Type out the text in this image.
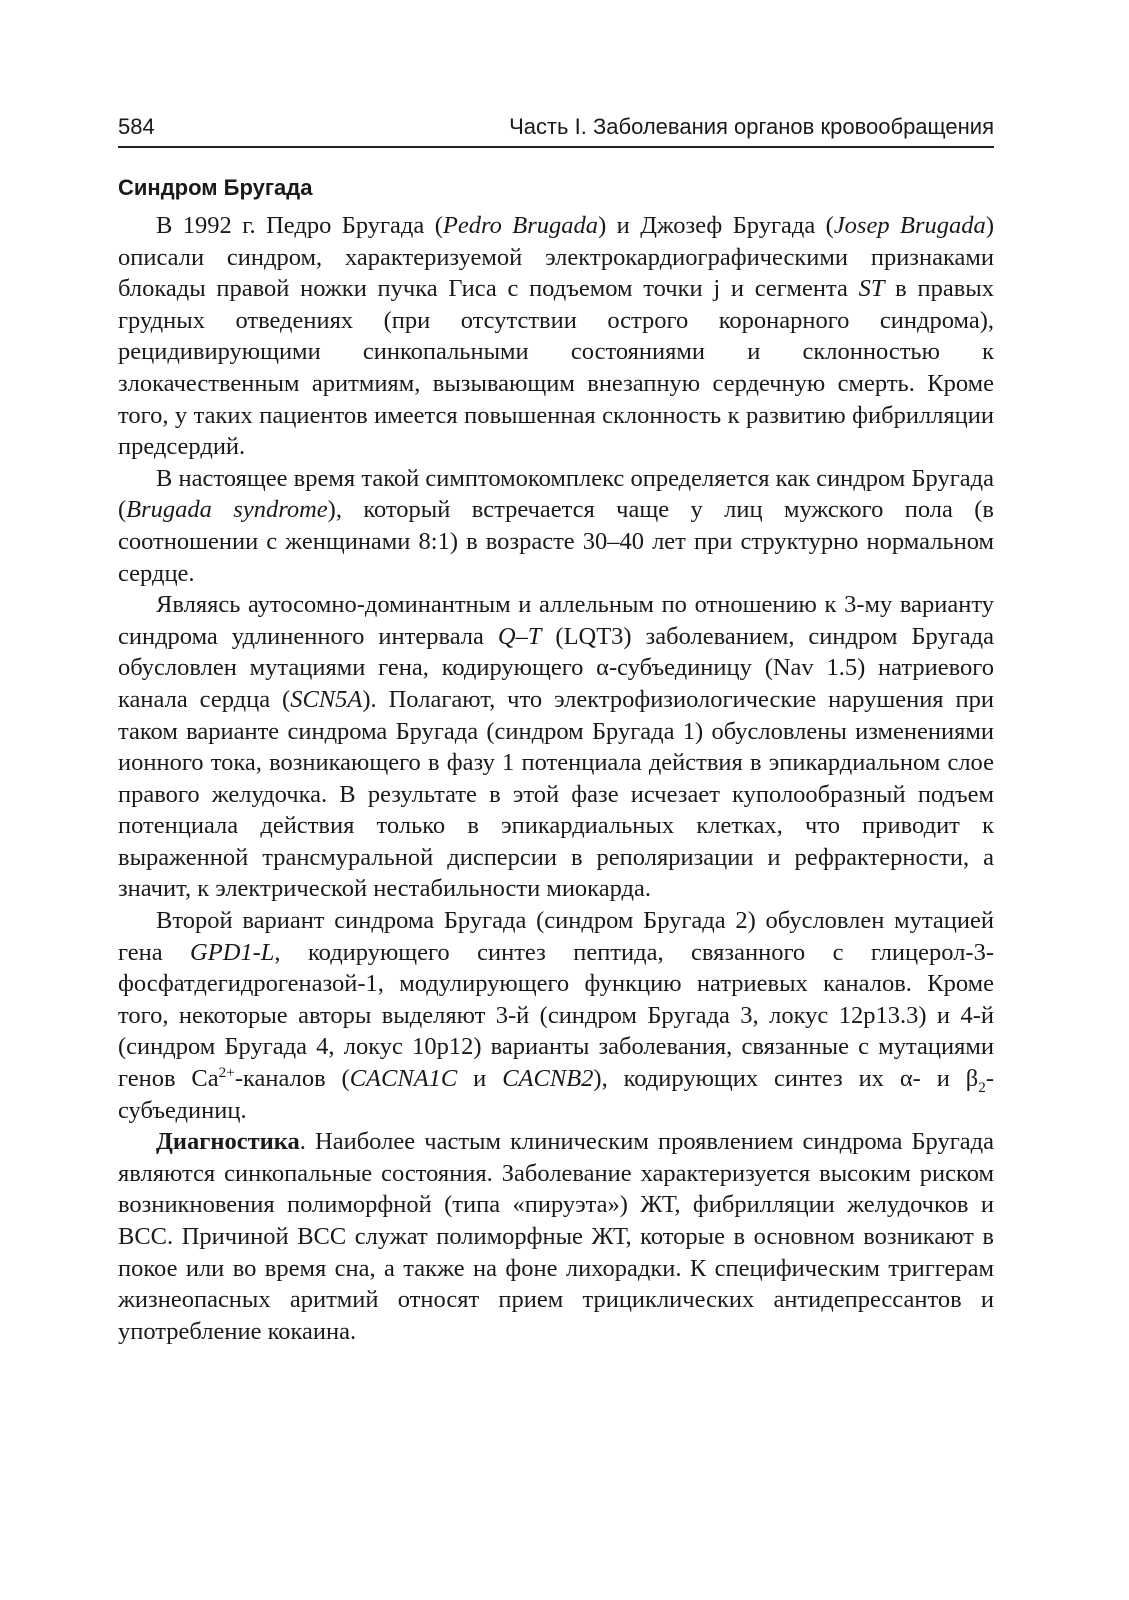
584	Часть I. Заболевания органов кровообращения
Синдром Бругада

В 1992 г. Педро Бругада (Pedro Brugada) и Джозеф Бругада (Josep Brugada) описали синдром, характеризуемой электрокардиографическими признаками блокады правой ножки пучка Гиса с подъемом точки j и сегмента ST в правых грудных отведениях (при отсутствии острого коронарного синдрома), рецидивирующими синкопальными состояниями и склонностью к злокачественным аритмиям, вызывающим внезапную сердечную смерть. Кроме того, у таких пациентов имеется повышенная склонность к развитию фибрилляции предсердий.

В настоящее время такой симптомокомплекс определяется как синдром Бругада (Brugada syndrome), который встречается чаще у лиц мужского пола (в соотношении с женщинами 8:1) в возрасте 30–40 лет при структурно нормальном сердце.

Являясь аутосомно-доминантным и аллельным по отношению к 3-му варианту синдрома удлиненного интервала Q–T (LQT3) заболеванием, синдром Бругада обусловлен мутациями гена, кодирующего α-субъединицу (Nav 1.5) натриевого канала сердца (SCN5A). Полагают, что электрофизиологические нарушения при таком варианте синдрома Бругада (синдром Бругада 1) обусловлены изменениями ионного тока, возникающего в фазу 1 потенциала действия в эпикардиальном слое правого желудочка. В результате в этой фазе исчезает куполообразный подъем потенциала действия только в эпикардиальных клетках, что приводит к выраженной трансмуральной дисперсии в реполяризации и рефрактерности, а значит, к электрической нестабильности миокарда.

Второй вариант синдрома Бругада (синдром Бругада 2) обусловлен мутацией гена GPD1-L, кодирующего синтез пептида, связанного с глицерол-3-фосфатдегидрогеназой-1, модулирующего функцию натриевых каналов. Кроме того, некоторые авторы выделяют 3-й (синдром Бругада 3, локус 12p13.3) и 4-й (синдром Бругада 4, локус 10p12) варианты заболевания, связанные с мутациями генов $Ca^{2+}$-каналов (CACNA1C и CACNB2), кодирующих синтез их α- и $\beta_2$-субъединиц.

Диагностика. Наиболее частым клиническим проявлением синдрома Бругада являются синкопальные состояния. Заболевание характеризуется высоким риском возникновения полиморфной (типа «пируэта») ЖТ, фибрилляции желудочков и ВСС. Причиной ВСС служат полиморфные ЖТ, которые в основном возникают в покое или во время сна, а также на фоне лихорадки. К специфическим триггерам жизнеопасных аритмий относят прием трициклических антидепрессантов и употребление кокаина.
